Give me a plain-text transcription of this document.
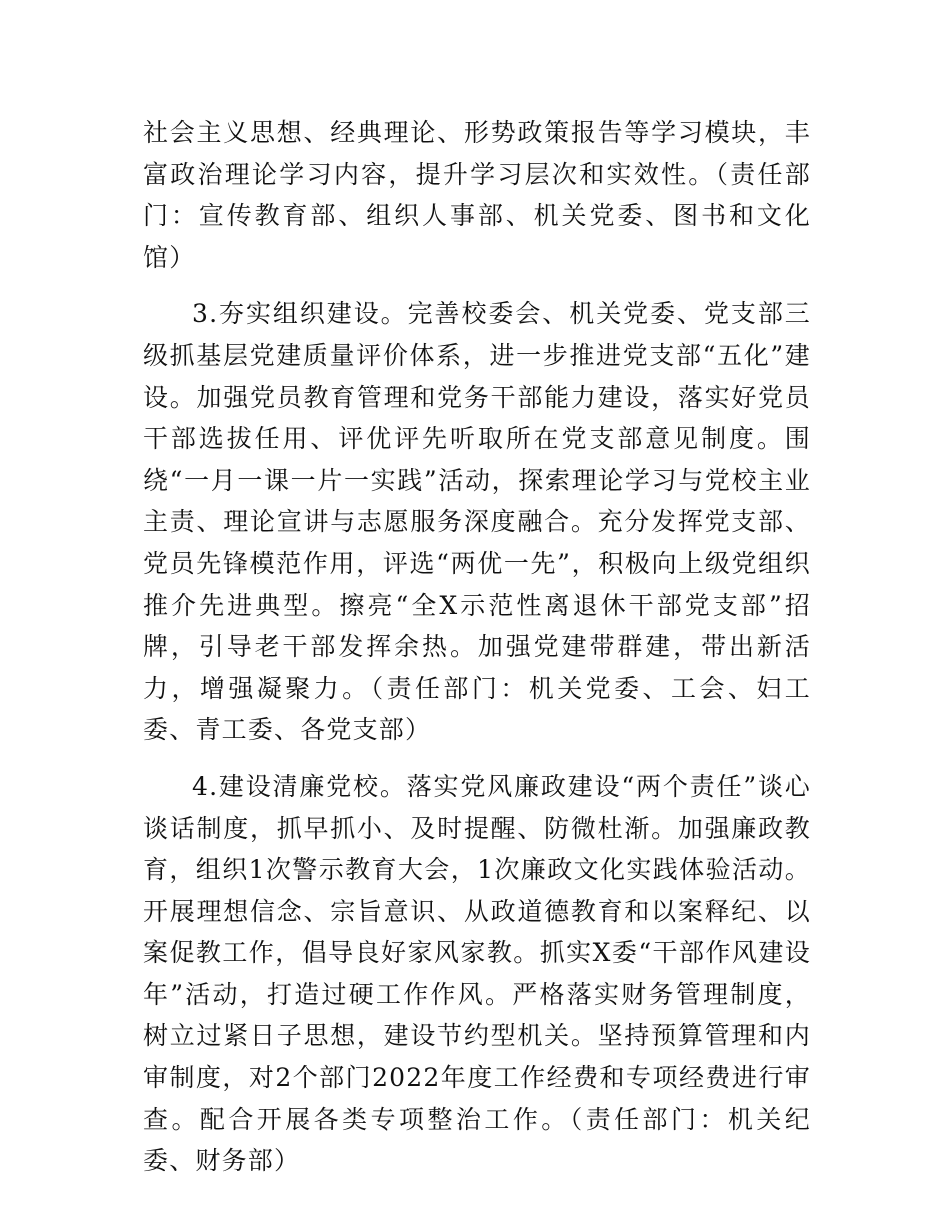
社会主义思想、经典理论、形势政策报告等学习模块，丰富政治理论学习内容，提升学习层次和实效性。（责任部门：宣传教育部、组织人事部、机关党委、图书和文化馆）

3.夯实组织建设。完善校委会、机关党委、党支部三级抓基层党建质量评价体系，进一步推进党支部“五化”建设。加强党员教育管理和党务干部能力建设，落实好党员干部选拔任用、评优评先听取所在党支部意见制度。围绕“一月一课一片一实践”活动，探索理论学习与党校主业主责、理论宣讲与志愿服务深度融合。充分发挥党支部、党员先锋模范作用，评选“两优一先”，积极向上级党组织推介先进典型。擦亮“全X示范性离退休干部党支部”招牌，引导老干部发挥余热。加强党建带群建，带出新活力，增强凝聚力。（责任部门：机关党委、工会、妇工委、青工委、各党支部）

4.建设清廉党校。落实党风廉政建设“两个责任”谈心谈话制度，抓早抓小、及时提醒、防微杜渐。加强廉政教育，组织1次警示教育大会，1次廉政文化实践体验活动。开展理想信念、宗旨意识、从政道德教育和以案释纪、以案促教工作，倡导良好家风家教。抓实X委“干部作风建设年”活动，打造过硬工作作风。严格落实财务管理制度，树立过紧日子思想，建设节约型机关。坚持预算管理和内审制度，对2个部门2022年度工作经费和专项经费进行审查。配合开展各类专项整治工作。（责任部门：机关纪委、财务部）
